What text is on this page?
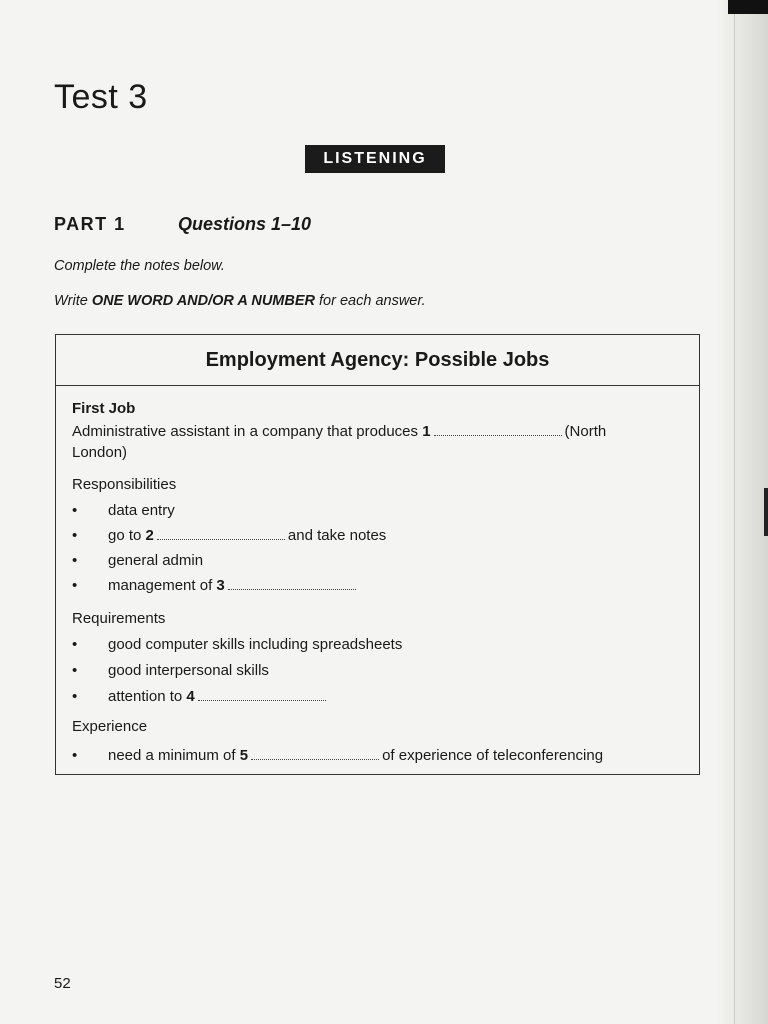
Test 3
LISTENING
PART 1	Questions 1–10
Complete the notes below.
Write ONE WORD AND/OR A NUMBER for each answer.
Employment Agency: Possible Jobs
First Job
Administrative assistant in a company that produces 1	(North
London)
Responsibilities
• data entry
• go to 2	and take notes
• general admin
• management of 3
Requirements
• good computer skills including spreadsheets
• good interpersonal skills
• attention to 4
Experience
• need a minimum of 5	of experience of teleconferencing
52
